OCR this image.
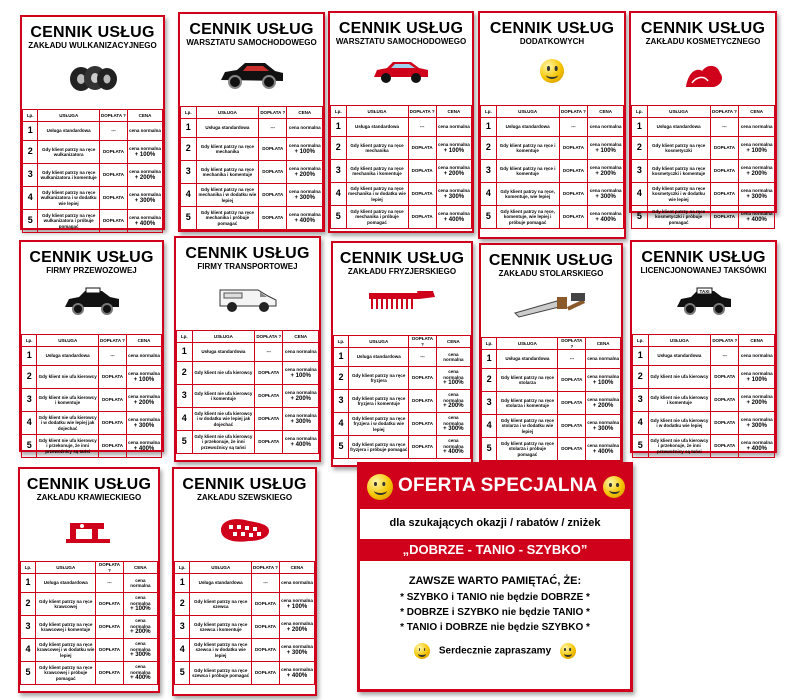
CENNIK USŁUG
ZAKŁADU WULKANIZACYJNEGO
Lp.	USŁUGA	DOPŁATA ?	CENA
1	Usługa standardowa	---	cena normalna

2	Gdy klient patrzy na ręce wulkanizatora	DOPŁATA	cena normalna
+ 100%
3	Gdy klient patrzy na ręce wulkanizatora i komentuje	DOPŁATA	cena normalna
+ 200%
4	Gdy klient patrzy na ręce wulkanizatora i w dodatku wie lepiej	DOPŁATA	cena normalna
+ 300%
5	Gdy klient patrzy na ręce wulkanizatora i próbuje pomagać	DOPŁATA	cena normalna
+ 400%
CENNIK USŁUG
WARSZTATU SAMOCHODOWEGO
Lp.	USŁUGA	DOPŁATA ?	CENA
1	Usługa standardowa	---	cena normalna

2	Gdy klient patrzy na ręce mechanika	DOPŁATA	cena normalna
+ 100%
3	Gdy klient patrzy na ręce mechanika i komentuje	DOPŁATA	cena normalna
+ 200%
4	Gdy klient patrzy na ręce mechanika i w dodatku wie lepiej	DOPŁATA	cena normalna
+ 300%
5	Gdy klient patrzy na ręce mechanika i próbuje pomagać	DOPŁATA	cena normalna
+ 400%
CENNIK USŁUG
WARSZTATU SAMOCHODOWEGO
Lp.	USŁUGA	DOPŁATA ?	CENA
1	Usługa standardowa	---	cena normalna

2	Gdy klient patrzy na ręce mechanika	DOPŁATA	cena normalna
+ 100%
3	Gdy klient patrzy na ręce mechanika i komentuje	DOPŁATA	cena normalna
+ 200%
4	Gdy klient patrzy na ręce mechanika i w dodatku wie lepiej	DOPŁATA	cena normalna
+ 300%
5	Gdy klient patrzy na ręce mechanika i próbuje pomagać	DOPŁATA	cena normalna
+ 400%
CENNIK USŁUG
DODATKOWYCH
Lp.	USŁUGA	DOPŁATA ?	CENA
1	Usługa standardowa	---	cena normalna

2	Gdy klient patrzy na ręce i komentuje	DOPŁATA	cena normalna
+ 100%
3	Gdy klient patrzy na ręce i komentuje	DOPŁATA	cena normalna
+ 200%
4	Gdy klient patrzy na ręce, komentuje, wie lepiej	DOPŁATA	cena normalna
+ 300%
5	Gdy klient patrzy na ręce, komentuje, wie lepiej i próbuje pomagać	DOPŁATA	cena normalna
+ 400%
CENNIK USŁUG
ZAKŁADU KOSMETYCZNEGO
Lp.	USŁUGA	DOPŁATA ?	CENA
1	Usługa standardowa	---	cena normalna

2	Gdy klient patrzy na ręce kosmetyczki	DOPŁATA	cena normalna
+ 100%
3	Gdy klient patrzy na ręce kosmetyczki i komentuje	DOPŁATA	cena normalna
+ 200%
4	Gdy klient patrzy na ręce kosmetyczki i w dodatku wie lepiej	DOPŁATA	cena normalna
+ 300%
5	Gdy klient patrzy na ręce kosmetyczki i próbuje pomagać	DOPŁATA	cena normalna
+ 400%
CENNIK USŁUG
FIRMY PRZEWOZOWEJ
Lp.	USŁUGA	DOPŁATA ?	CENA
1	Usługa standardowa	---	cena normalna

2	Gdy klient nie ufa kierowcy	DOPŁATA	cena normalna
+ 100%
3	Gdy klient nie ufa kierowcy i komentuje	DOPŁATA	cena normalna
+ 200%
4	Gdy klient nie ufa kierowcy i w dodatku wie lepiej jak dojechać	DOPŁATA	cena normalna
+ 300%
5	Gdy klient nie ufa kierowcy i przekonuje, że inni przewoźnicy są tańsi	DOPŁATA	cena normalna
+ 400%
CENNIK USŁUG
FIRMY TRANSPORTOWEJ
Lp.	USŁUGA	DOPŁATA ?	CENA
1	Usługa standardowa	---	cena normalna

2	Gdy klient nie ufa kierowcy	DOPŁATA	cena normalna
+ 100%
3	Gdy klient nie ufa kierowcy i komentuje	DOPŁATA	cena normalna
+ 200%
4	Gdy klient nie ufa kierowcy i w dodatku wie lepiej jak dojechać	DOPŁATA	cena normalna
+ 300%
5	Gdy klient nie ufa kierowcy i przekonuje, że inni przewoźnicy są tańsi	DOPŁATA	cena normalna
+ 400%
CENNIK USŁUG
ZAKŁADU FRYZJERSKIEGO
Lp.	USŁUGA	DOPŁATA ?	CENA
1	Usługa standardowa	---	cena normalna

2	Gdy klient patrzy na ręce fryzjera	DOPŁATA	cena normalna
+ 100%
3	Gdy klient patrzy na ręce fryzjera i komentuje	DOPŁATA	cena normalna
+ 200%
4	Gdy klient patrzy na ręce fryzjera i w dodatku wie lepiej	DOPŁATA	cena normalna
+ 300%
5	Gdy klient patrzy na ręce fryzjera i próbuje pomagać	DOPŁATA	cena normalna
+ 400%
CENNIK USŁUG
ZAKŁADU STOLARSKIEGO
Lp.	USŁUGA	DOPŁATA ?	CENA
1	Usługa standardowa	---	cena normalna

2	Gdy klient patrzy na ręce stolarza	DOPŁATA	cena normalna
+ 100%
3	Gdy klient patrzy na ręce stolarza i komentuje	DOPŁATA	cena normalna
+ 200%
4	Gdy klient patrzy na ręce stolarza i w dodatku wie lepiej	DOPŁATA	cena normalna
+ 300%
5	Gdy klient patrzy na ręce stolarza i próbuje pomagać	DOPŁATA	cena normalna
+ 400%
CENNIK USŁUG
LICENCJONOWANEJ TAKSÓWKI
TAXI
Lp.	USŁUGA	DOPŁATA ?	CENA
1	Usługa standardowa	---	cena normalna

2	Gdy klient nie ufa kierowcy	DOPŁATA	cena normalna
+ 100%
3	Gdy klient nie ufa kierowcy i komentuje	DOPŁATA	cena normalna
+ 200%
4	Gdy klient nie ufa kierowcy i w dodatku wie lepiej	DOPŁATA	cena normalna
+ 300%
5	Gdy klient nie ufa kierowcy i przekonuje, że inni przewoźnicy są tańsi	DOPŁATA	cena normalna
+ 400%
CENNIK USŁUG
ZAKŁADU KRAWIECKIEGO
Lp.	USŁUGA	DOPŁATA ?	CENA
1	Usługa standardowa	---	cena normalna

2	Gdy klient patrzy na ręce krawcowej	DOPŁATA	cena normalna
+ 100%
3	Gdy klient patrzy na ręce krawcowej i komentuje	DOPŁATA	cena normalna
+ 200%
4	Gdy klient patrzy na ręce krawcowej i w dodatku wie lepiej	DOPŁATA	cena normalna
+ 300%
5	Gdy klient patrzy na ręce krawcowej i próbuje pomagać	DOPŁATA	cena normalna
+ 400%
CENNIK USŁUG
ZAKŁADU SZEWSKIEGO
Lp.	USŁUGA	DOPŁATA ?	CENA
1	Usługa standardowa	---	cena normalna

2	Gdy klient patrzy na ręce szewca	DOPŁATA	cena normalna
+ 100%
3	Gdy klient patrzy na ręce szewca i komentuje	DOPŁATA	cena normalna
+ 200%
4	Gdy klient patrzy na ręce szewca i w dodatku wie lepiej	DOPŁATA	cena normalna
+ 300%
5	Gdy klient patrzy na ręce szewca i próbuje pomagać	DOPŁATA	cena normalna
+ 400%
OFERTA SPECJALNA
dla szukających okazji / rabatów / zniżek
„DOBRZE - TANIO - SZYBKO”
ZAWSZE WARTO PAMIĘTAĆ, ŻE:
* SZYBKO i TANIO nie będzie DOBRZE *
* DOBRZE i SZYBKO nie będzie TANIO *
* TANIO i DOBRZE nie będzie SZYBKO *
Serdecznie zapraszamy
